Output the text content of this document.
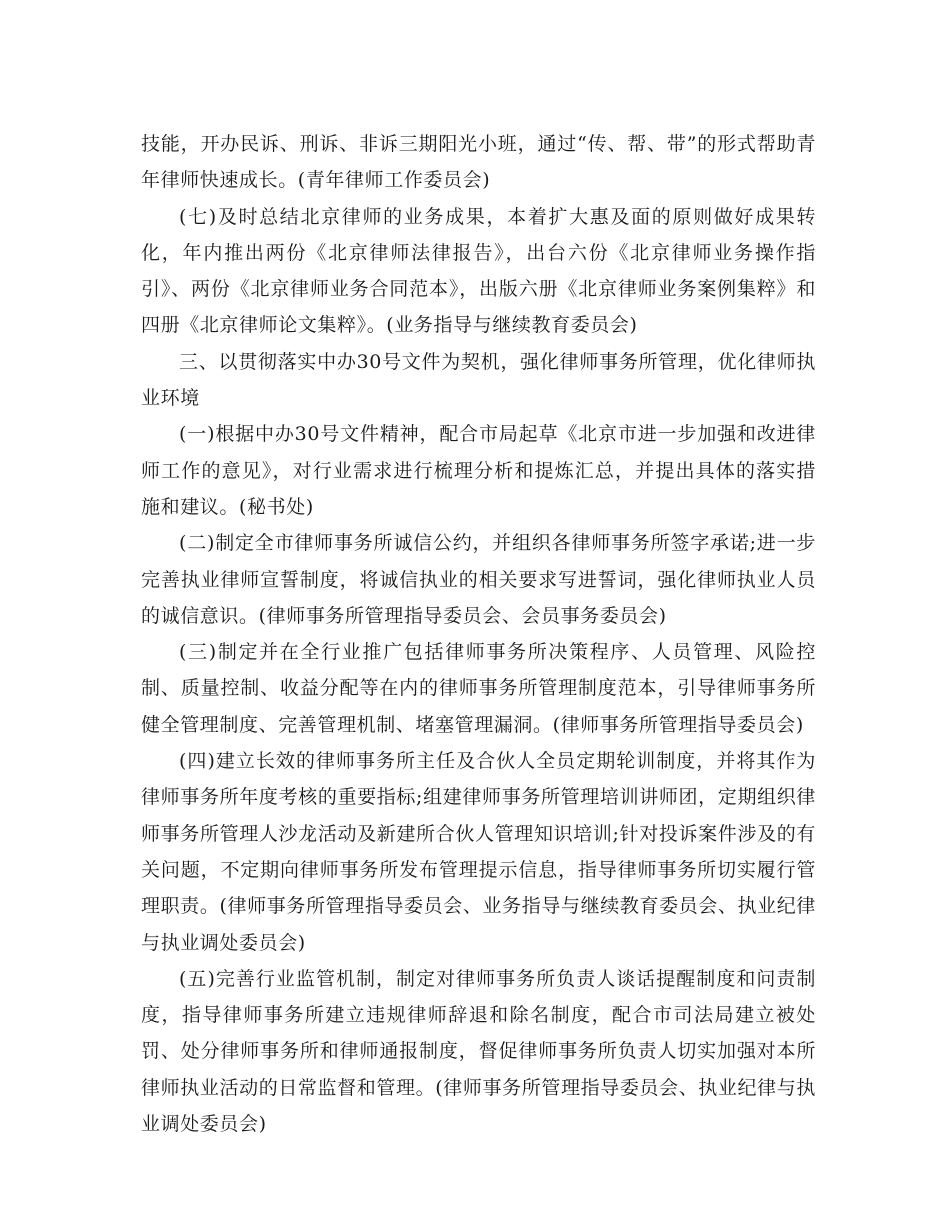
技能，开办民诉、刑诉、非诉三期阳光小班，通过“传、帮、带”的形式帮助青年律师快速成长。(青年律师工作委员会)

(七)及时总结北京律师的业务成果，本着扩大惠及面的原则做好成果转化，年内推出两份《北京律师法律报告》，出台六份《北京律师业务操作指引》、两份《北京律师业务合同范本》，出版六册《北京律师业务案例集粹》和四册《北京律师论文集粹》。(业务指导与继续教育委员会)

三、以贯彻落实中办30号文件为契机，强化律师事务所管理，优化律师执业环境

(一)根据中办30号文件精神，配合市局起草《北京市进一步加强和改进律师工作的意见》，对行业需求进行梳理分析和提炼汇总，并提出具体的落实措施和建议。(秘书处)

(二)制定全市律师事务所诚信公约，并组织各律师事务所签字承诺;进一步完善执业律师宣誓制度，将诚信执业的相关要求写进誓词，强化律师执业人员的诚信意识。(律师事务所管理指导委员会、会员事务委员会)

(三)制定并在全行业推广包括律师事务所决策程序、人员管理、风险控制、质量控制、收益分配等在内的律师事务所管理制度范本，引导律师事务所健全管理制度、完善管理机制、堵塞管理漏洞。(律师事务所管理指导委员会)

(四)建立长效的律师事务所主任及合伙人全员定期轮训制度，并将其作为律师事务所年度考核的重要指标;组建律师事务所管理培训讲师团，定期组织律师事务所管理人沙龙活动及新建所合伙人管理知识培训;针对投诉案件涉及的有关问题，不定期向律师事务所发布管理提示信息，指导律师事务所切实履行管理职责。(律师事务所管理指导委员会、业务指导与继续教育委员会、执业纪律与执业调处委员会)

(五)完善行业监管机制，制定对律师事务所负责人谈话提醒制度和问责制度，指导律师事务所建立违规律师辞退和除名制度，配合市司法局建立被处罚、处分律师事务所和律师通报制度，督促律师事务所负责人切实加强对本所律师执业活动的日常监督和管理。(律师事务所管理指导委员会、执业纪律与执业调处委员会)
